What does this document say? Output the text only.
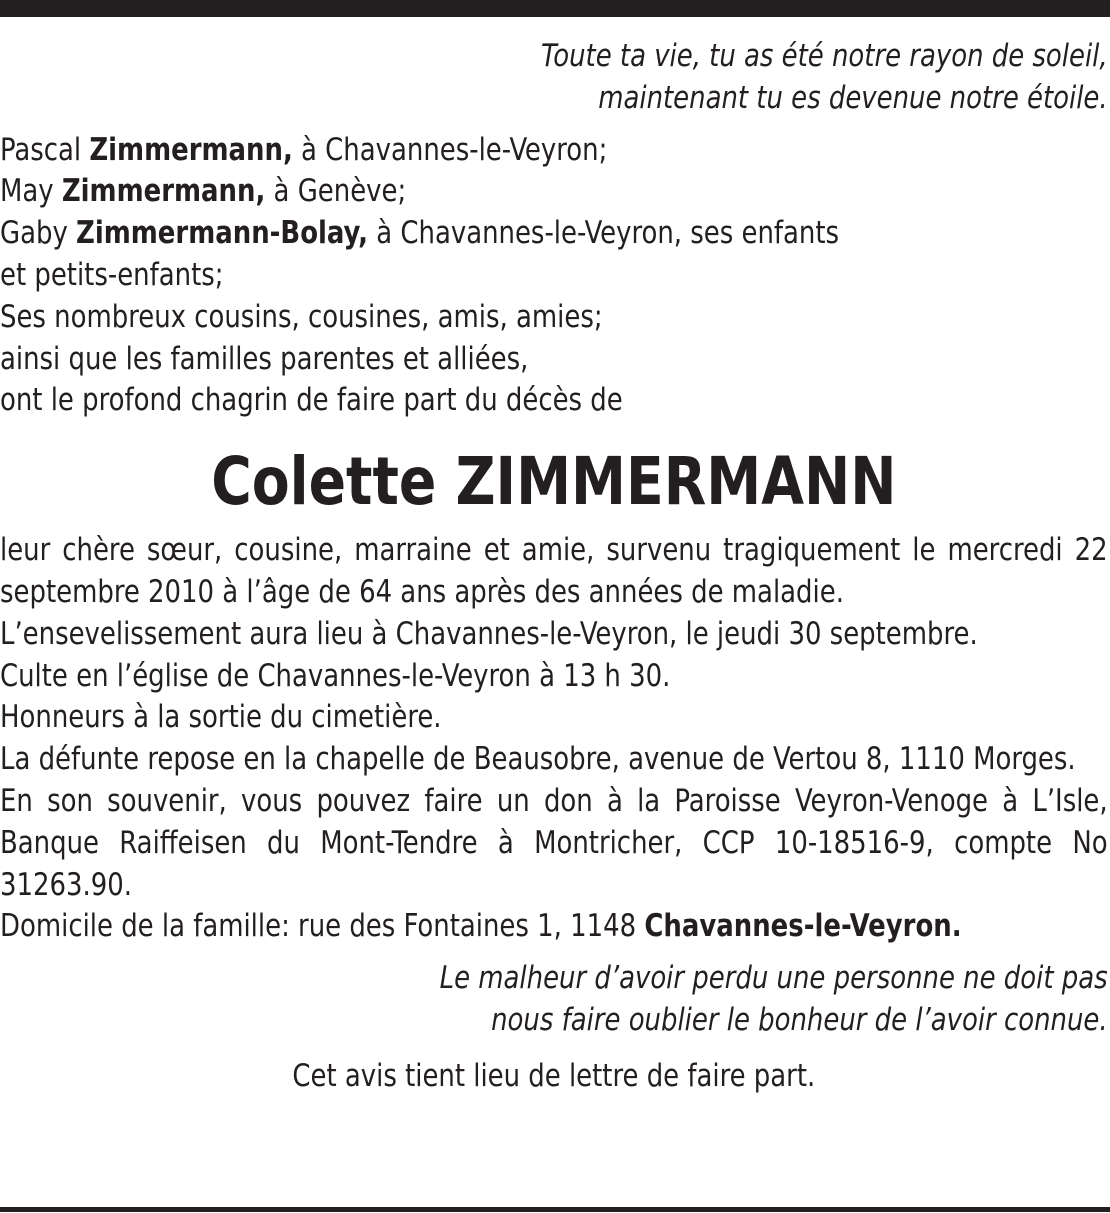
Toute ta vie, tu as été notre rayon de soleil,
maintenant tu es devenue notre étoile.
Pascal Zimmermann, à Chavannes-le-Veyron;
May Zimmermann, à Genève;
Gaby Zimmermann-Bolay, à Chavannes-le-Veyron, ses enfants
et petits-enfants;
Ses nombreux cousins, cousines, amis, amies;
ainsi que les familles parentes et alliées,
ont le profond chagrin de faire part du décès de
Colette ZIMMERMANN
leur chère sœur, cousine, marraine et amie, survenu tragiquement le mercredi 22 septembre 2010 à l’âge de 64 ans après des années de maladie.
L’ensevelissement aura lieu à Chavannes-le-Veyron, le jeudi 30 septembre.
Culte en l’église de Chavannes-le-Veyron à 13 h 30.
Honneurs à la sortie du cimetière.
La défunte repose en la chapelle de Beausobre, avenue de Vertou 8, 1110 Morges.
En son souvenir, vous pouvez faire un don à la Paroisse Veyron-Venoge à L’Isle, Banque Raiffeisen du Mont-Tendre à Montricher, CCP 10-18516-9, compte No 31263.90.
Domicile de la famille: rue des Fontaines 1, 1148 Chavannes-le-Veyron.
Le malheur d’avoir perdu une personne ne doit pas
nous faire oublier le bonheur de l’avoir connue.
Cet avis tient lieu de lettre de faire part.
